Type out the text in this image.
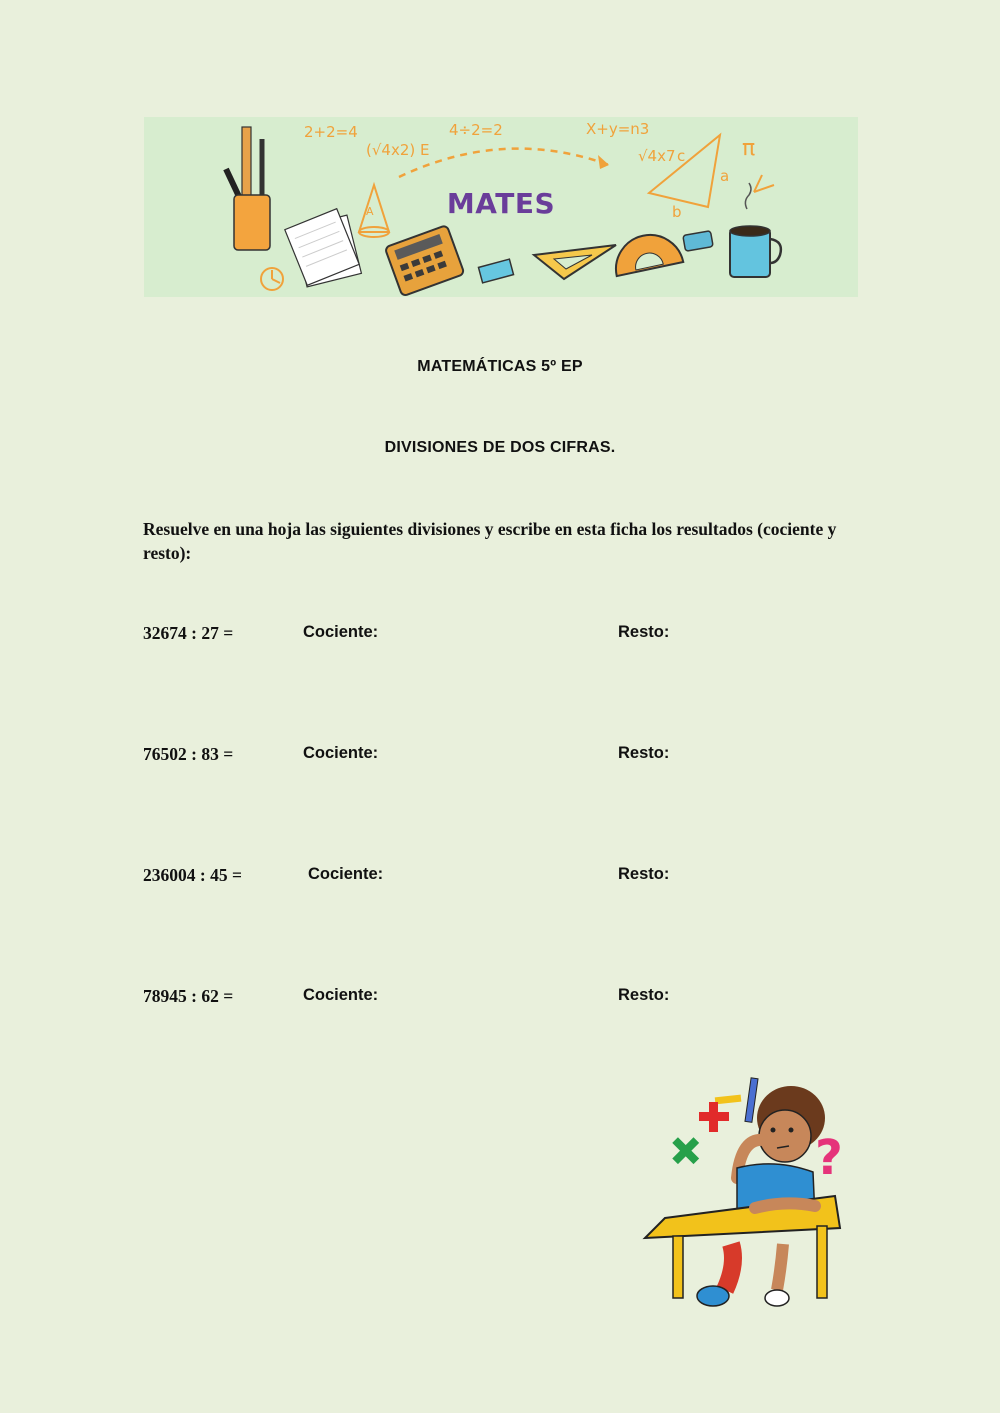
2+2=4
(√4x2) E
4÷2=2	X+y=n3
π
√4x7 c
a
b
A	MATES
MATEMÁTICAS 5º EP
DIVISIONES DE DOS CIFRAS.
Resuelve en una hoja las siguientes divisiones y escribe en esta ficha los resultados (cociente y resto):
32674 : 27 =	Cociente:	Resto:
76502 : 83 =	Cociente:	Resto:
236004 : 45 =	Cociente:	Resto:
78945 : 62 =	Cociente:	Resto:
?
